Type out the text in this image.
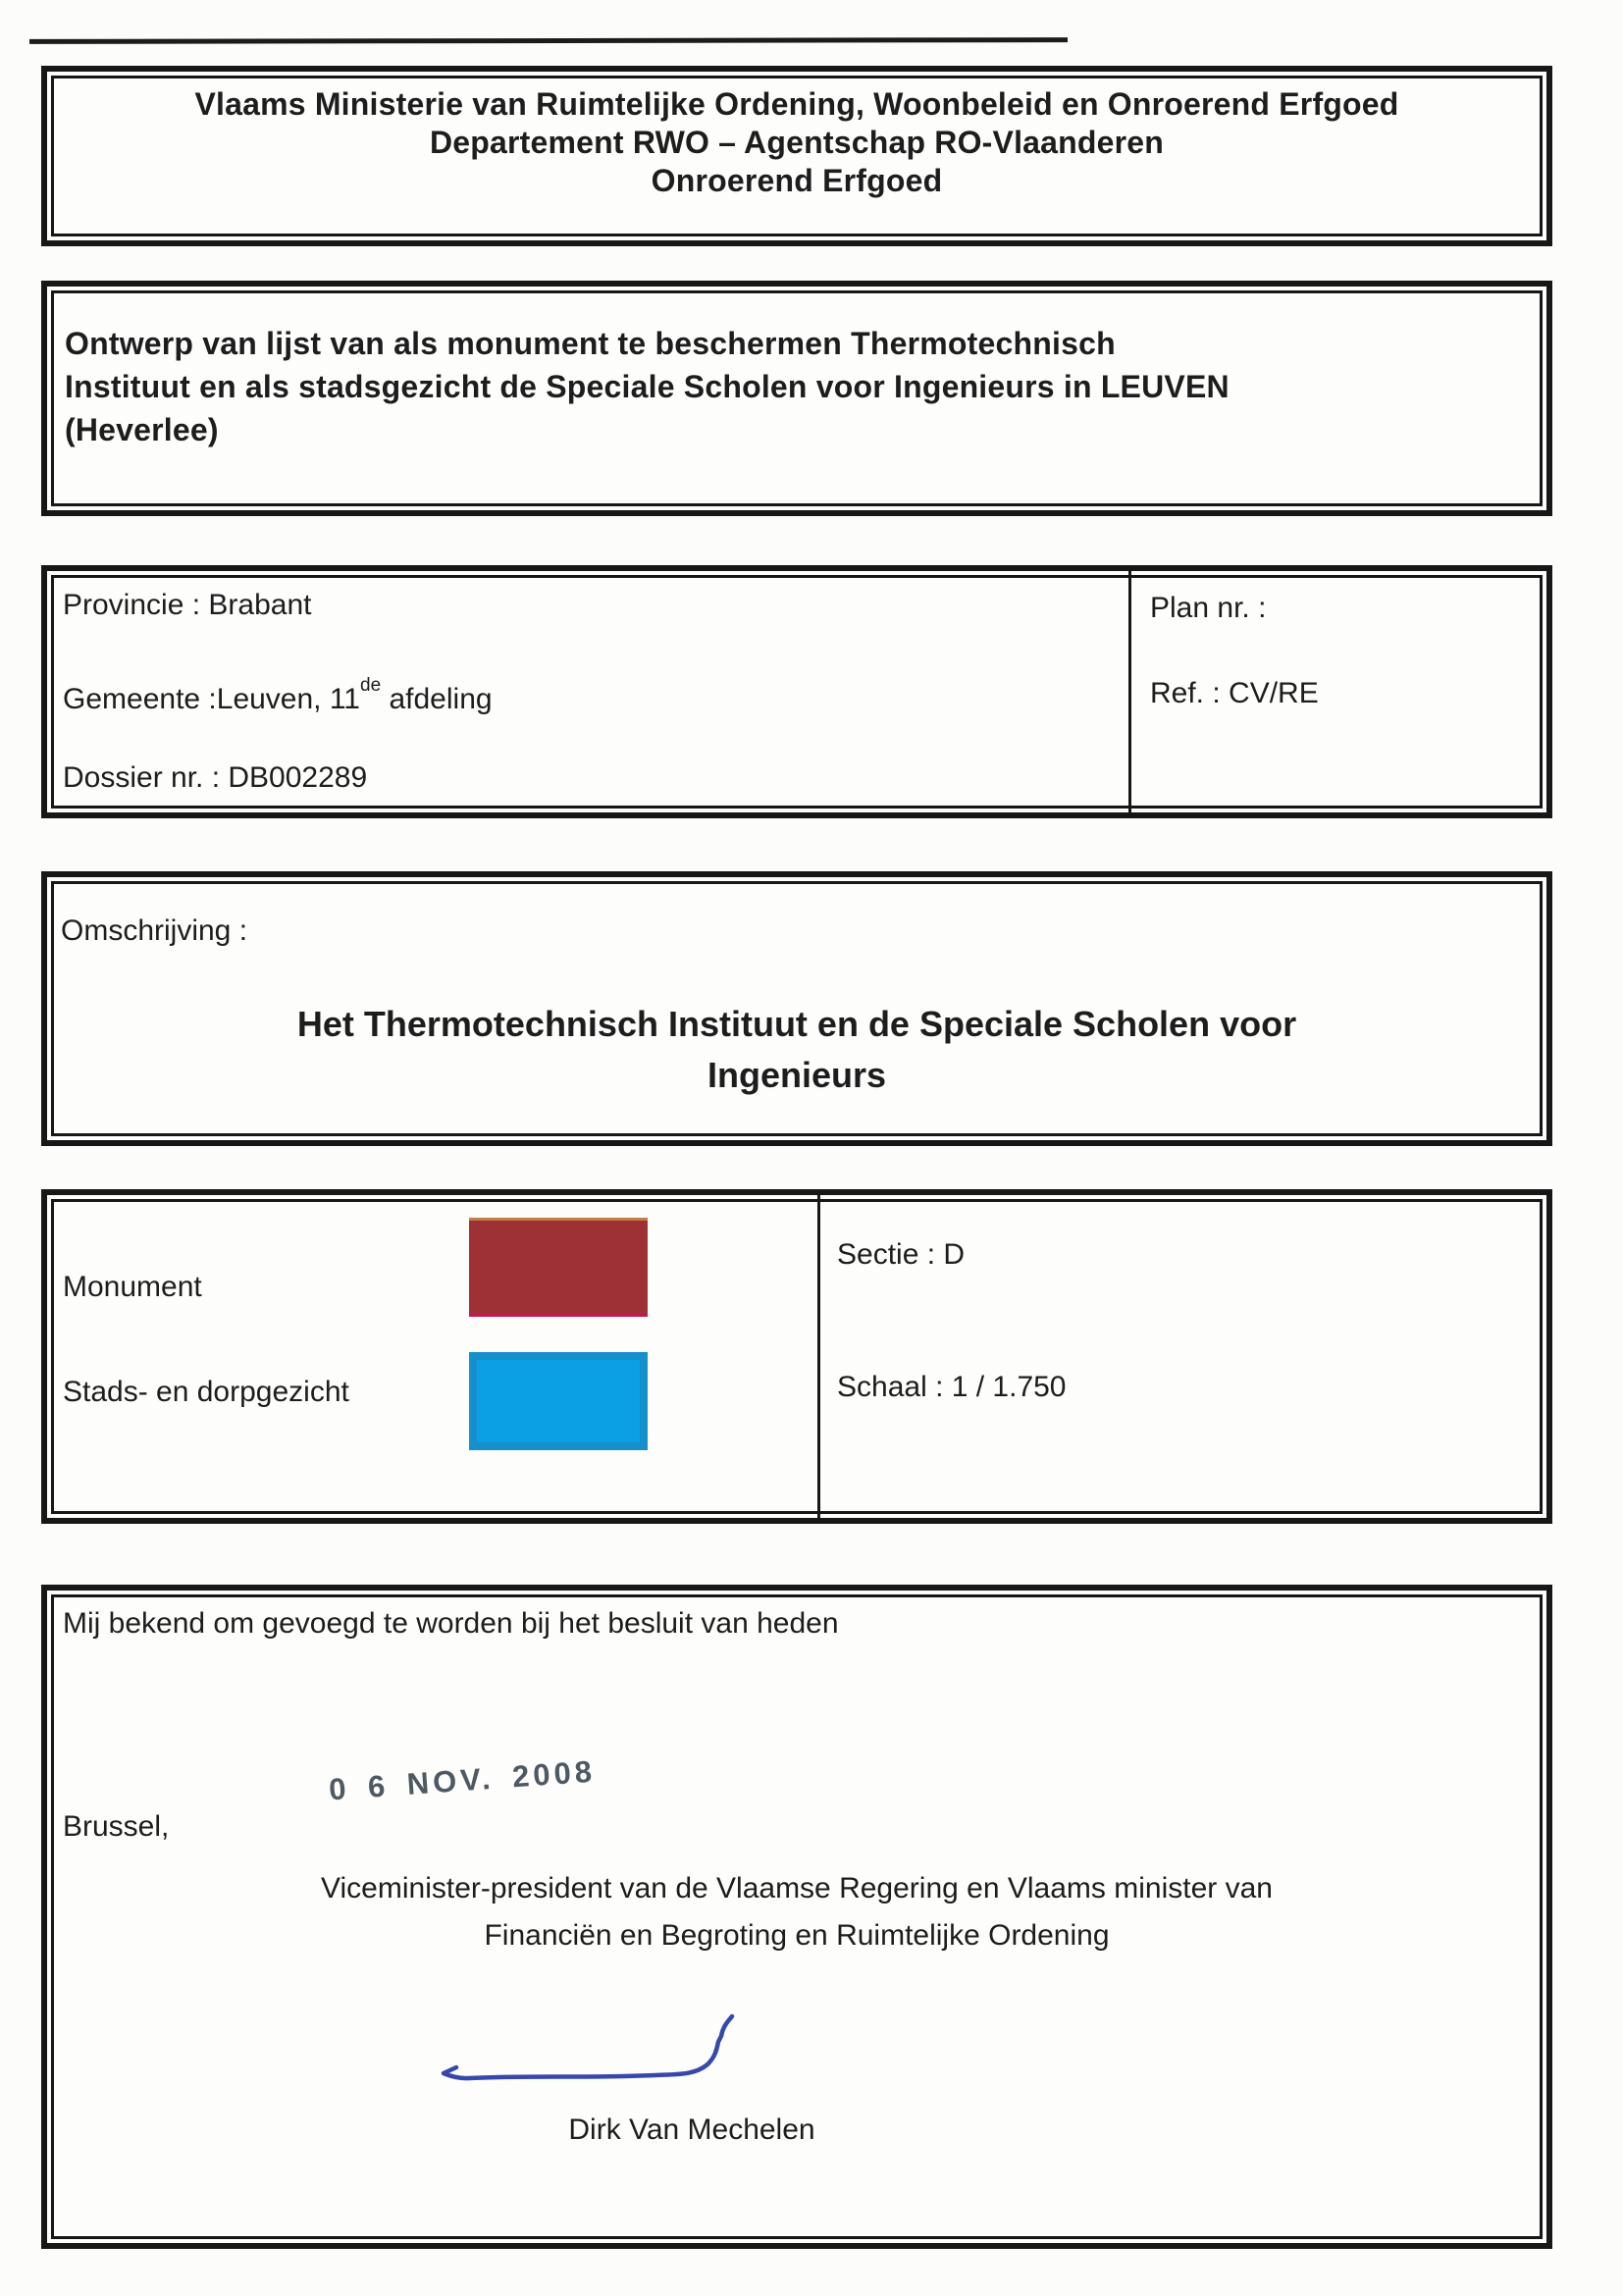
Vlaams Ministerie van Ruimtelijke Ordening, Woonbeleid en Onroerend Erfgoed
Departement RWO – Agentschap RO-Vlaanderen
Onroerend Erfgoed
Ontwerp van lijst van als monument te beschermen Thermotechnisch
Instituut en als stadsgezicht de Speciale Scholen voor Ingenieurs in LEUVEN
(Heverlee)
Provincie : Brabant
Gemeente :Leuven, 11de afdeling
Dossier nr. : DB002289
Plan nr. :
Ref. : CV/RE
Omschrijving :
Het Thermotechnisch Instituut en de Speciale Scholen voor
Ingenieurs
Monument
Stads- en dorpgezicht
Sectie : D
Schaal : 1 / 1.750
Mij bekend om gevoegd te worden bij het besluit van heden
Brussel,
0 6 NOV. 2008
Viceminister-president van de Vlaamse Regering en Vlaams minister van
Financiën en Begroting en Ruimtelijke Ordening
Dirk Van Mechelen
